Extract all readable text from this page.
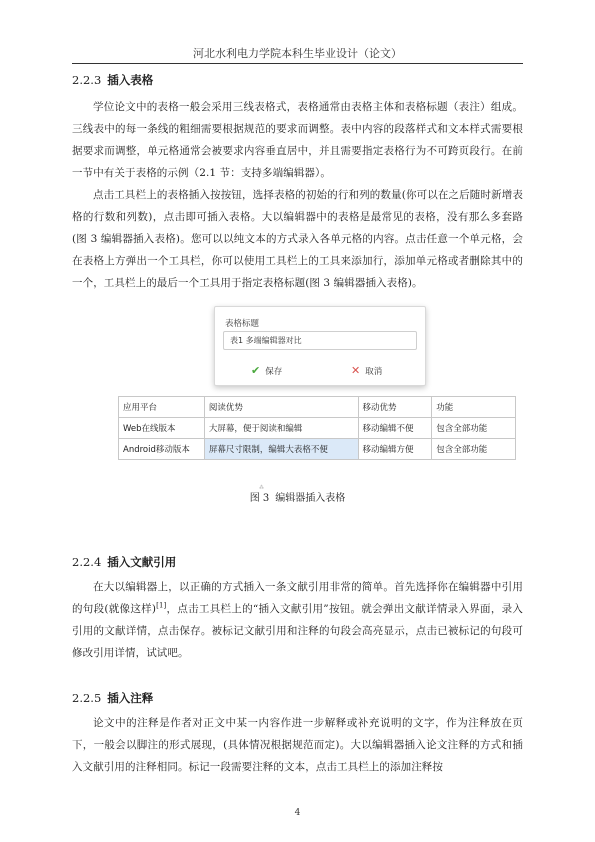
河北水利电力学院本科生毕业设计（论文）
2.2.3 插入表格

学位论文中的表格一般会采用三线表格式，表格通常由表格主体和表格标题（表注）组成。三线表中的每一条线的粗细需要根据规范的要求而调整。表中内容的段落样式和文本样式需要根据要求而调整，单元格通常会被要求内容垂直居中，并且需要指定表格行为不可跨页段行。在前一节中有关于表格的示例（2.1 节：支持多端编辑器）。

点击工具栏上的表格插入按按钮，选择表格的初始的行和列的数量(你可以在之后随时新增表格的行数和列数)，点击即可插入表格。大以编辑器中的表格是最常见的表格，没有那么多套路(图 3 编辑器插入表格)。您可以以纯文本的方式录入各单元格的内容。点击任意一个单元格，会在表格上方弹出一个工具栏，你可以使用工具栏上的工具来添加行，添加单元格或者删除其中的一个，工具栏上的最后一个工具用于指定表格标题(图 3 编辑器插入表格)。

表格标题
表1 多端编辑器对比
✔ 保存	✕ 取消
应用平台	阅读优势	移动优势	功能
Web在线版本	大屏幕，便于阅读和编辑	移动编辑不便	包含全部功能
Android移动版本	屏幕尺寸限制，编辑大表格不便	移动编辑方便	包含全部功能
⁂
图 3 编辑器插入表格
2.2.4 插入文献引用

在大以编辑器上，以正确的方式插入一条文献引用非常的简单。首先选择你在编辑器中引用的句段(就像这样)[1]，点击工具栏上的“插入文献引用”按钮。就会弹出文献详情录入界面，录入引用的文献详情，点击保存。被标记文献引用和注释的句段会高亮显示，点击已被标记的句段可修改引用详情，试试吧。

2.2.5 插入注释

论文中的注释是作者对正文中某一内容作进一步解释或补充说明的文字，作为注释放在页下，一般会以脚注的形式展现，(具体情况根据规范而定)。大以编辑器插入论文注释的方式和插入文献引用的注释相同。标记一段需要注释的文本，点击工具栏上的添加注释按

4
